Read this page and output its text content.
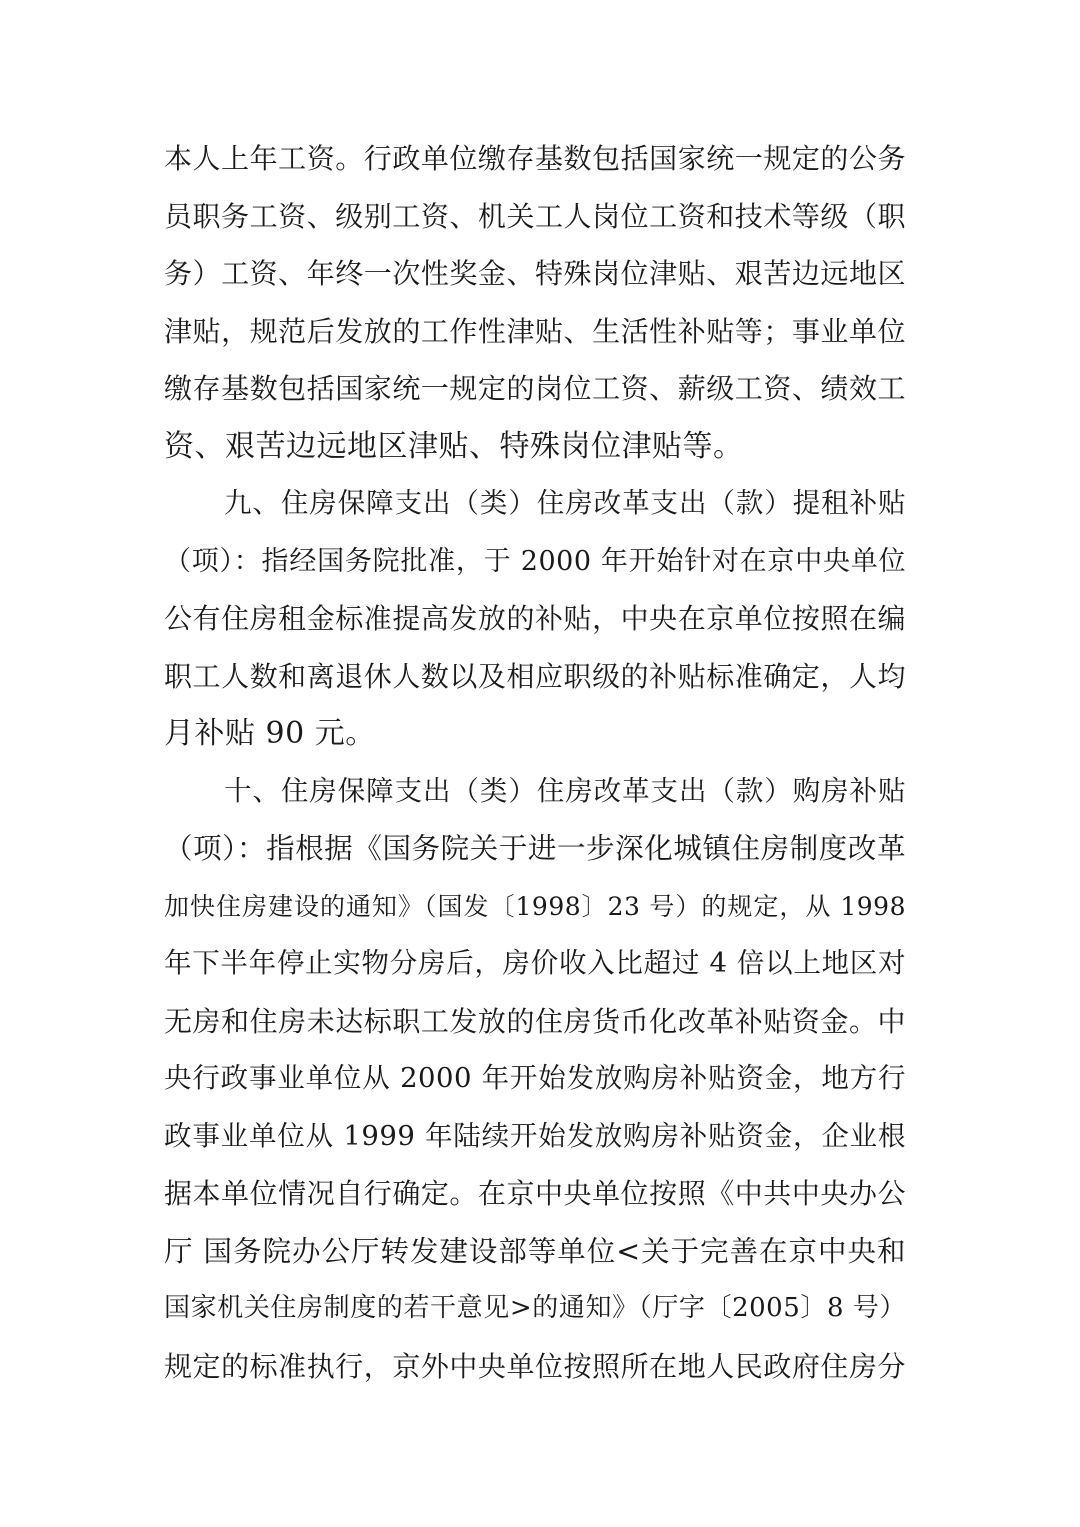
本人上年工资。行政单位缴存基数包括国家统一规定的公务
员职务工资、级别工资、机关工人岗位工资和技术等级（职
务）工资、年终一次性奖金、特殊岗位津贴、艰苦边远地区
津贴，规范后发放的工作性津贴、生活性补贴等；事业单位
缴存基数包括国家统一规定的岗位工资、薪级工资、绩效工
资、艰苦边远地区津贴、特殊岗位津贴等。
九、住房保障支出（类）住房改革支出（款）提租补贴
（项）：指经国务院批准，于 2000 年开始针对在京中央单位
公有住房租金标准提高发放的补贴，中央在京单位按照在编
职工人数和离退休人数以及相应职级的补贴标准确定，人均
月补贴 90 元。
十、住房保障支出（类）住房改革支出（款）购房补贴
（项）：指根据《国务院关于进一步深化城镇住房制度改革
加快住房建设的通知》（国发〔1998〕23 号）的规定，从 1998
年下半年停止实物分房后，房价收入比超过 4 倍以上地区对
无房和住房未达标职工发放的住房货币化改革补贴资金。中
央行政事业单位从 2000 年开始发放购房补贴资金，地方行
政事业单位从 1999 年陆续开始发放购房补贴资金，企业根
据本单位情况自行确定。在京中央单位按照《中共中央办公
厅 国务院办公厅转发建设部等单位<关于完善在京中央和
国家机关住房制度的若干意见>的通知》（厅字〔2005〕8 号）
规定的标准执行，京外中央单位按照所在地人民政府住房分
